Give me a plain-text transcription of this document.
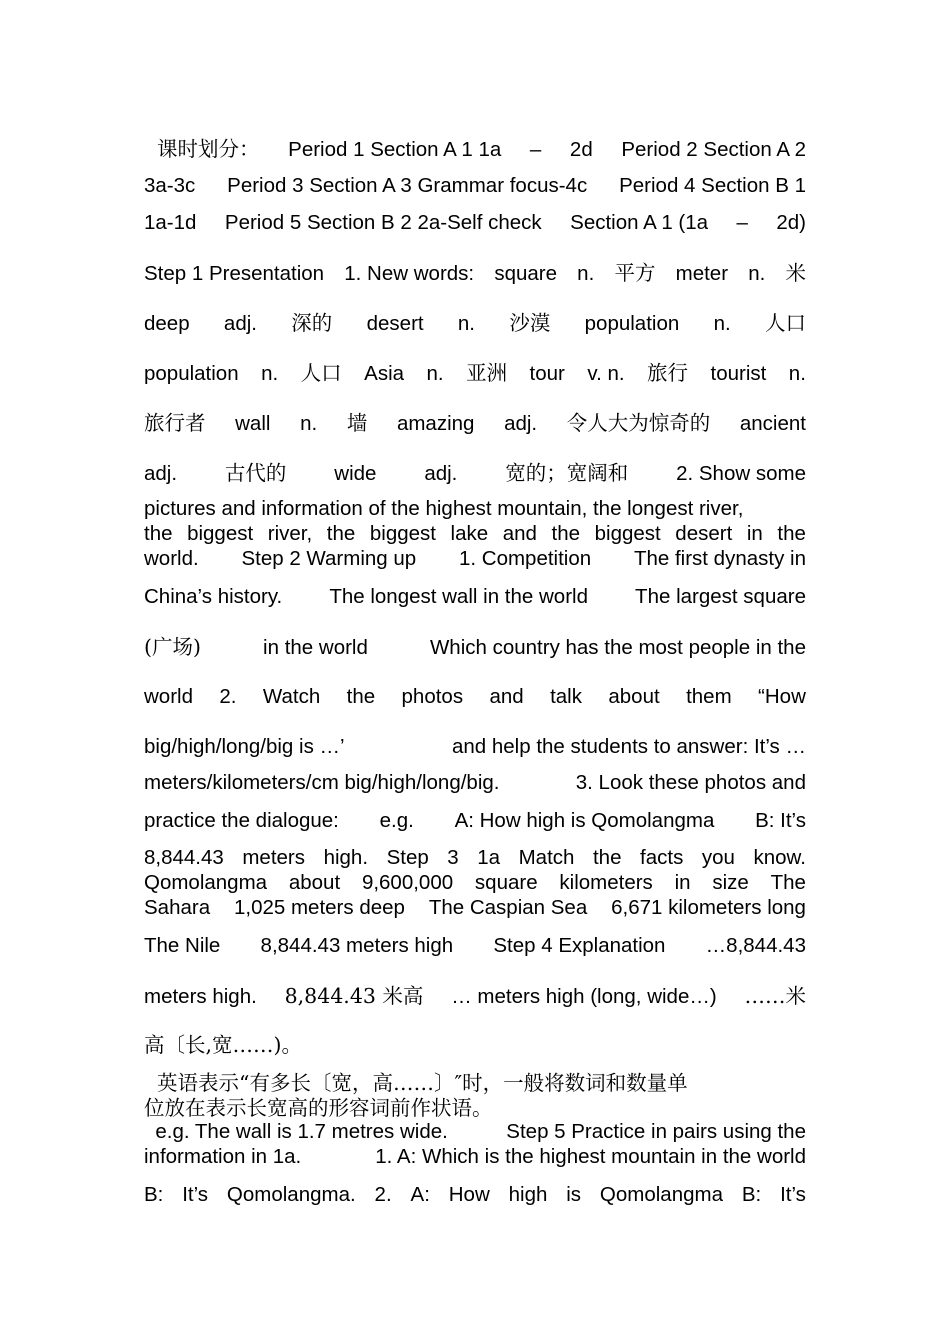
课时划分： Period 1 Section A 1 1a – 2d Period 2 Section A 2
3a-3c Period 3 Section A 3 Grammar focus-4c Period 4 Section B 1
1a-1d Period 5 Section B 2 2a-Self check Section A 1 (1a – 2d)
Step 1 Presentation 1. New words: square n. 平方 meter n. 米
deep adj. 深的 desert n. 沙漠 population n. 人口
population n. 人口 Asia n. 亚洲 tour v. n. 旅行 tourist n.
旅行者 wall n. 墙 amazing adj. 令人大为惊奇的 ancient
adj. 古代的 wide adj. 宽的；宽阔和 2. Show some
pictures and information of the highest mountain, the longest river,
the biggest river, the biggest lake and the biggest desert in the
world. Step 2 Warming up 1. Competition The first dynasty in
China’s history. The longest wall in the world The largest square
(广场)	in the world	Which country has the most people in the
world 2. Watch the photos and talk about them “How
big/high/long/big is …’	and help the students to answer: It’s …
meters/kilometers/cm big/high/long/big.	3. Look these photos and
practice the dialogue: e.g. A: How high is Qomolangma B: It’s
8,844.43 meters high. Step 3 1a Match the facts you know.
Qomolangma about 9,600,000 square kilometers in size The
Sahara 1,025 meters deep The Caspian Sea 6,671 kilometers long
The Nile 8,844.43 meters high Step 4 Explanation …8,844.43
meters high. 8,844.43 米高 … meters high (long, wide…) ……米
高〔长,宽……)。
英语表示“有多长〔宽，高……〕″时，一般将数词和数量单
位放在表示长宽高的形容词前作状语。
e.g. The wall is 1.7 metres wide.	Step 5 Practice in pairs using the
information in 1a.	1. A: Which is the highest mountain in the world
B: It’s Qomolangma. 2. A: How high is Qomolangma B: It’s
